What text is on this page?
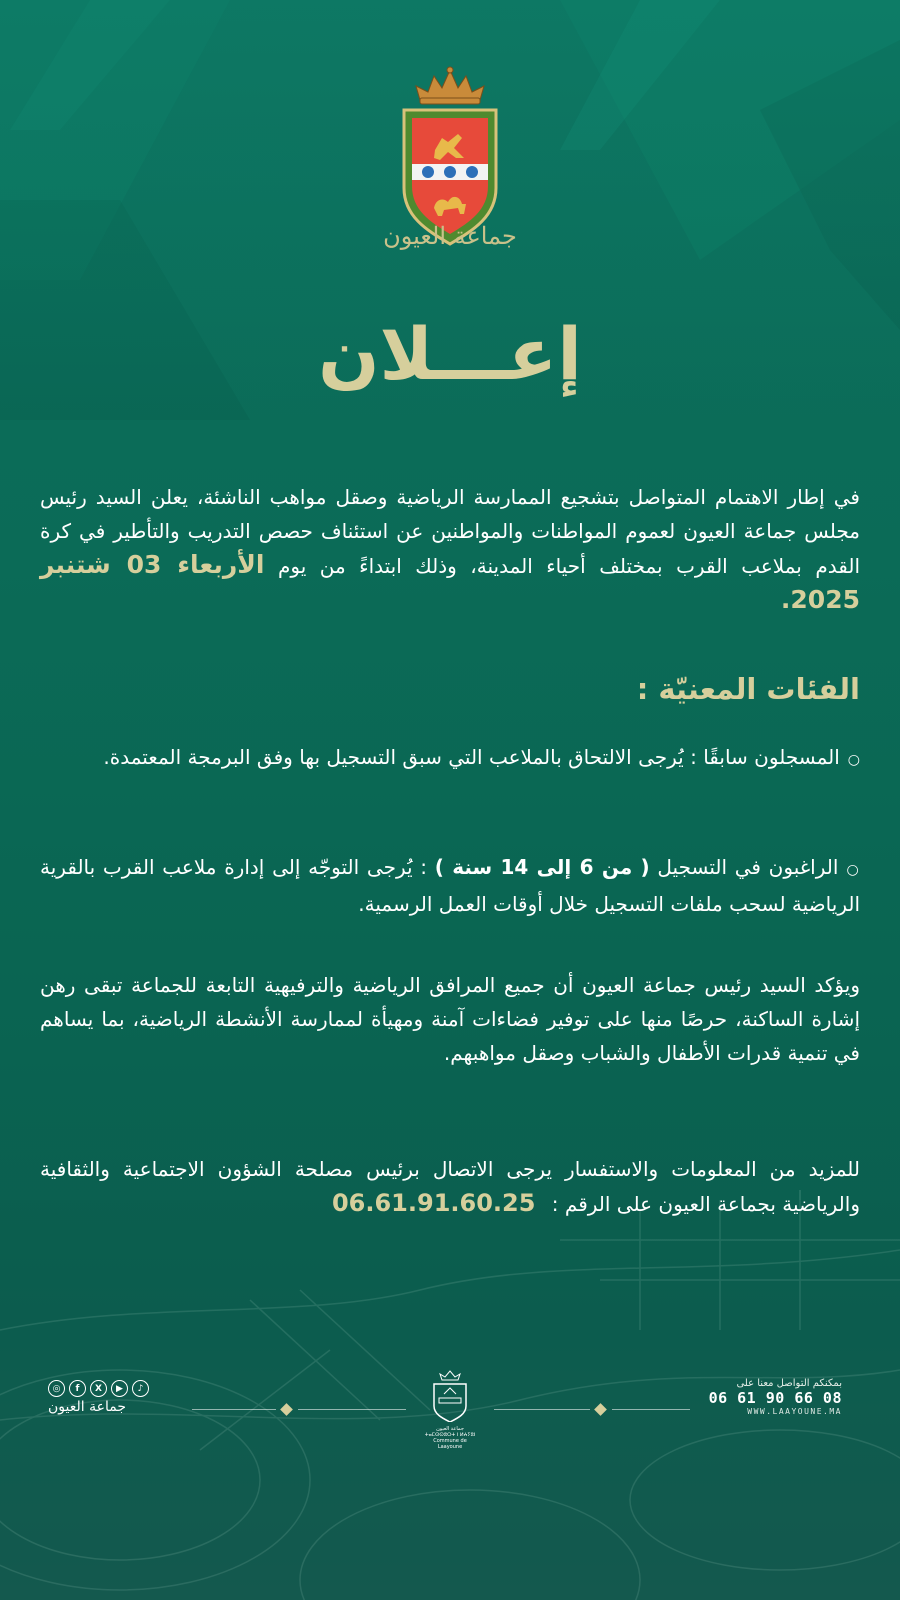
جماعة العيون
إعـــلان
في إطار الاهتمام المتواصل بتشجيع الممارسة الرياضية وصقل مواهب الناشئة، يعلن السيد رئيس مجلس جماعة العيون لعموم المواطنات والمواطنين عن استئناف حصص التدريب والتأطير في كرة القدم بملاعب القرب بمختلف أحياء المدينة، وذلك ابتداءً من يوم الأربعاء 03 شتنبر 2025.
الفئات المعنيّة :
○المسجلون سابقًا : يُرجى الالتحاق بالملاعب التي سبق التسجيل بها وفق البرمجة المعتمدة.
○الراغبون في التسجيل ( من 6 إلى 14 سنة ) : يُرجى التوجّه إلى إدارة ملاعب القرب بالقرية الرياضية لسحب ملفات التسجيل خلال أوقات العمل الرسمية.
ويؤكد السيد رئيس جماعة العيون أن جميع المرافق الرياضية والترفيهية التابعة للجماعة تبقى رهن إشارة الساكنة، حرصًا منها على توفير فضاءات آمنة ومهيأة لممارسة الأنشطة الرياضية، بما يساهم في تنمية قدرات الأطفال والشباب وصقل مواهبهم.
للمزيد من المعلومات والاستفسار يرجى الاتصال برئيس مصلحة الشؤون الاجتماعية والثقافية والرياضية بجماعة العيون على الرقم : 06.61.91.60.25
◎	f	X	▶	♪
جماعة العيون
جماعة العيون
ⵜⴰⵎⵙⵙⵓⵔⵜ ⵏ ⵍⵄⵢⵓⵏ
Commune de Laayoune
بمكنكم التواصل معنا على
06 61 90 66 08
WWW.LAAYOUNE.MA
